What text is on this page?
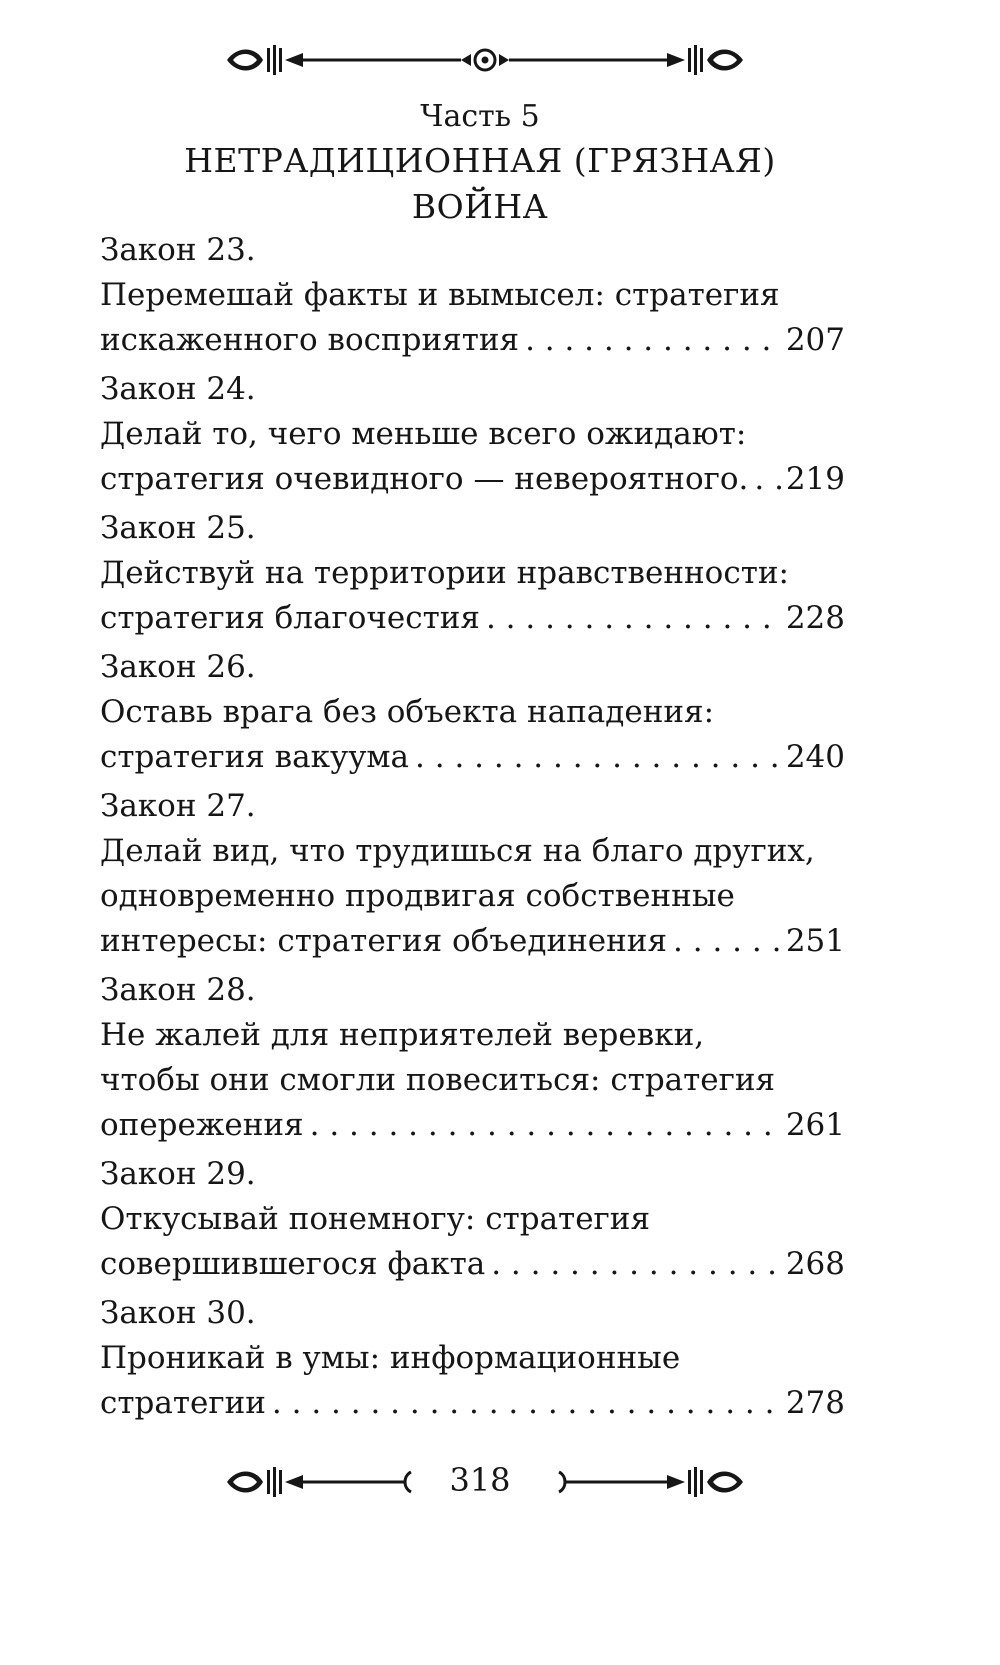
Часть 5
НЕТРАДИЦИОННАЯ (ГРЯЗНАЯ)
ВОЙНА
Закон 23.
Перемешай факты и вымысел: стратегия
искаженного восприятия . . .	207
Закон 24.
Делай то, чего меньше всего ожидают:
стратегия очевидного — невероятного. . . . 219
Закон 25.
Действуй на территории нравственности:
стратегия благочестия . . .	228
Закон 26.
Оставь врага без объекта нападения:
стратегия вакуума . . .	240
Закон 27.
Делай вид, что трудишься на благо других,
одновременно продвигая собственные
интересы: стратегия объединения . . .	251
Закон 28.
Не жалей для неприятелей веревки,
чтобы они смогли повеситься: стратегия
опережения . . .	261
Закон 29.
Откусывай понемногу: стратегия
совершившегося факта . . .	268
Закон 30.
Проникай в умы: информационные
стратегии . . .	278
318
